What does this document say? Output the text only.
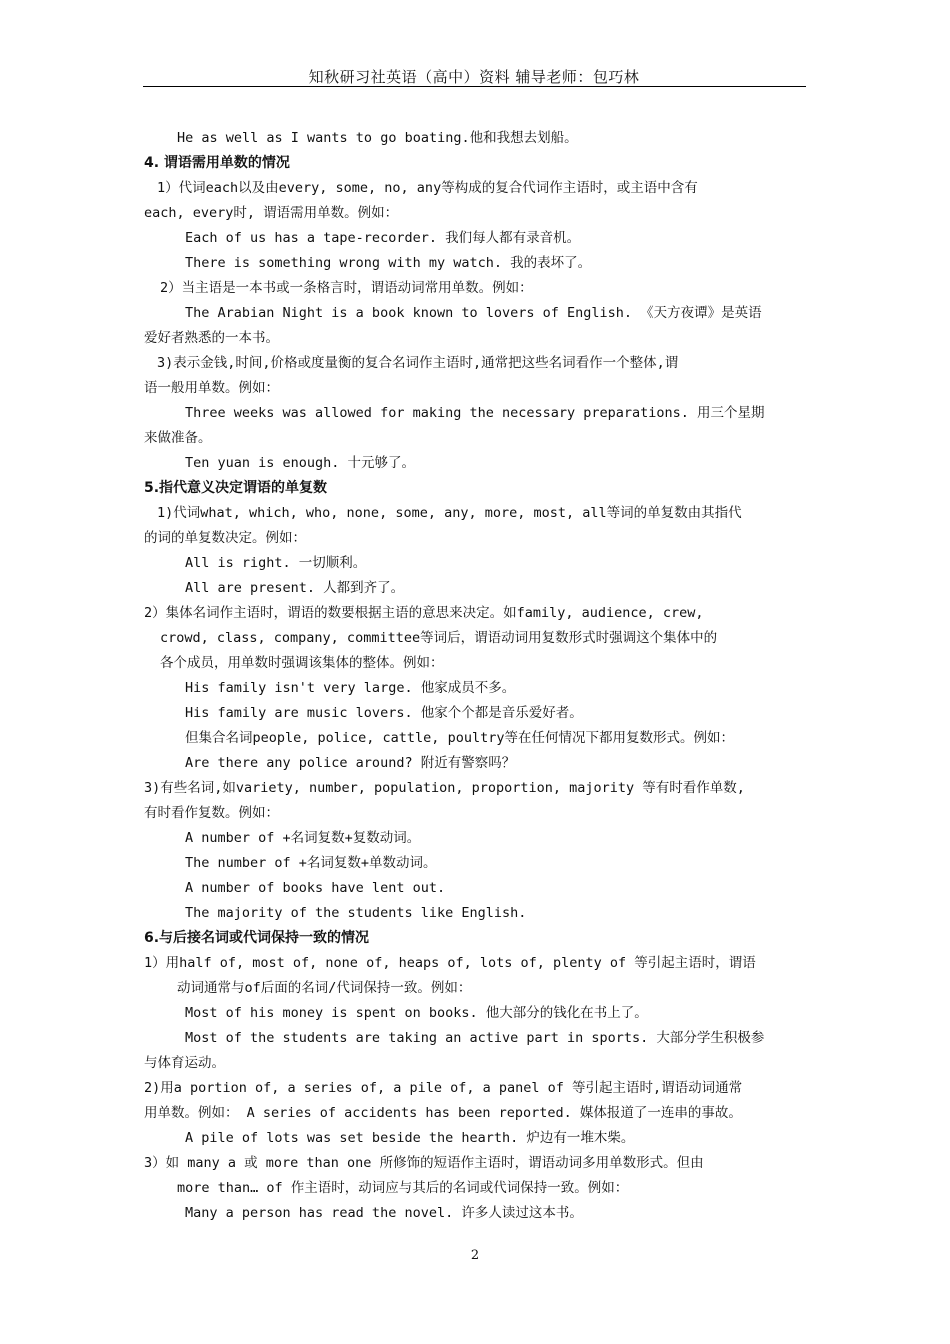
知秋研习社英语（高中）资料 辅导老师：包巧林
He as well as I wants to go boating.他和我想去划船。
4. 谓语需用单数的情况
1）代词each以及由every, some, no, any等构成的复合代词作主语时，或主语中含有
each, every时, 谓语需用单数。例如：
Each of us has a tape-recorder. 我们每人都有录音机。
There is something wrong with my watch. 我的表坏了。
2）当主语是一本书或一条格言时，谓语动词常用单数。例如：
The Arabian Night is a book known to lovers of English. 《天方夜谭》是英语
爱好者熟悉的一本书。
3)表示金钱,时间,价格或度量衡的复合名词作主语时,通常把这些名词看作一个整体,谓
语一般用单数。例如：
Three weeks was allowed for making the necessary preparations. 用三个星期
来做准备。
Ten yuan is enough. 十元够了。
5.指代意义决定谓语的单复数
1)代词what, which, who, none, some, any, more, most, all等词的单复数由其指代
的词的单复数决定。例如：
All is right. 一切顺利。
All are present. 人都到齐了。
2）集体名词作主语时，谓语的数要根据主语的意思来决定。如family, audience, crew,
crowd, class, company, committee等词后，谓语动词用复数形式时强调这个集体中的
各个成员，用单数时强调该集体的整体。例如：
His family isn't very large. 他家成员不多。
His family are music lovers. 他家个个都是音乐爱好者。
但集合名词people, police, cattle, poultry等在任何情况下都用复数形式。例如：
Are there any police around? 附近有警察吗？
3)有些名词,如variety, number, population, proportion, majority 等有时看作单数,
有时看作复数。例如：
A number of +名词复数+复数动词。
The number of +名词复数+单数动词。
A number of books have lent out.
The majority of the students like English.
6.与后接名词或代词保持一致的情况
1）用half of, most of, none of, heaps of, lots of, plenty of 等引起主语时，谓语
动词通常与of后面的名词/代词保持一致。例如：
Most of his money is spent on books. 他大部分的钱化在书上了。
Most of the students are taking an active part in sports. 大部分学生积极参
与体育运动。
2)用a portion of, a series of, a pile of, a panel of 等引起主语时,谓语动词通常
用单数。例如： A series of accidents has been reported. 媒体报道了一连串的事故。
A pile of lots was set beside the hearth. 炉边有一堆木柴。
3）如 many a 或 more than one 所修饰的短语作主语时，谓语动词多用单数形式。但由
more than… of 作主语时，动词应与其后的名词或代词保持一致。例如：
Many a person has read the novel. 许多人读过这本书。
2
